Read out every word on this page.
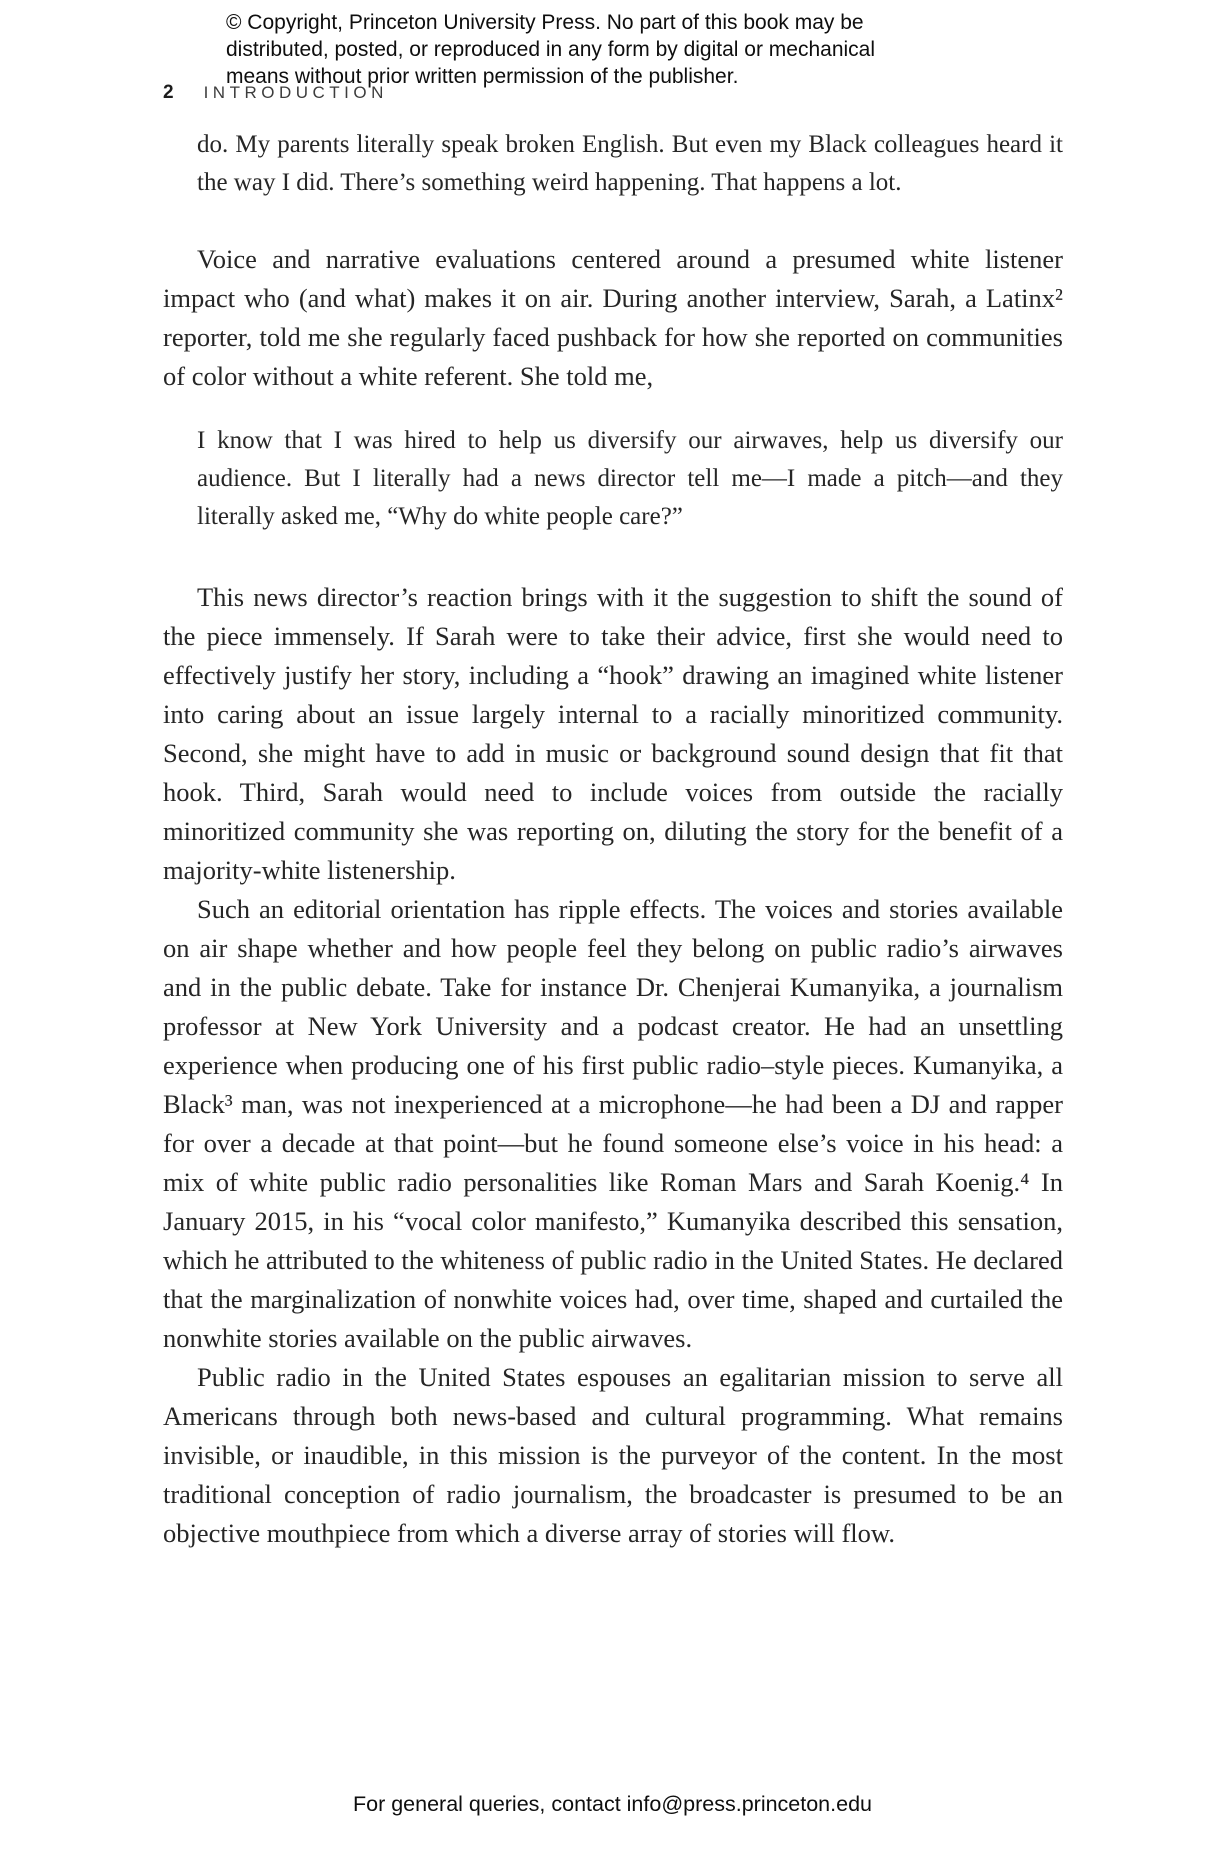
© Copyright, Princeton University Press. No part of this book may be
distributed, posted, or reproduced in any form by digital or mechanical
means without prior written permission of the publisher.
2 INTRODUCTION
do. My parents literally speak broken English. But even my Black colleagues heard it the way I did. There’s something weird happening. That happens a lot.
Voice and narrative evaluations centered around a presumed white listener impact who (and what) makes it on air. During another interview, Sarah, a Latinx² reporter, told me she regularly faced pushback for how she reported on communities of color without a white referent. She told me,
I know that I was hired to help us diversify our airwaves, help us diversify our audience. But I literally had a news director tell me—I made a pitch—and they literally asked me, “Why do white people care?”
This news director’s reaction brings with it the suggestion to shift the sound of the piece immensely. If Sarah were to take their advice, first she would need to effectively justify her story, including a “hook” drawing an imagined white listener into caring about an issue largely internal to a racially minoritized community. Second, she might have to add in music or background sound design that fit that hook. Third, Sarah would need to include voices from outside the racially minoritized community she was reporting on, diluting the story for the benefit of a majority-white listenership.
Such an editorial orientation has ripple effects. The voices and stories available on air shape whether and how people feel they belong on public radio’s airwaves and in the public debate. Take for instance Dr. Chenjerai Kumanyika, a journalism professor at New York University and a podcast creator. He had an unsettling experience when producing one of his first public radio–style pieces. Kumanyika, a Black³ man, was not inexperienced at a microphone—he had been a DJ and rapper for over a decade at that point—but he found someone else’s voice in his head: a mix of white public radio personalities like Roman Mars and Sarah Koenig.⁴ In January 2015, in his “vocal color manifesto,” Kumanyika described this sensation, which he attributed to the whiteness of public radio in the United States. He declared that the marginalization of nonwhite voices had, over time, shaped and curtailed the nonwhite stories available on the public airwaves.
Public radio in the United States espouses an egalitarian mission to serve all Americans through both news-based and cultural programming. What remains invisible, or inaudible, in this mission is the purveyor of the content. In the most traditional conception of radio journalism, the broadcaster is presumed to be an objective mouthpiece from which a diverse array of stories will flow.
For general queries, contact info@press.princeton.edu
